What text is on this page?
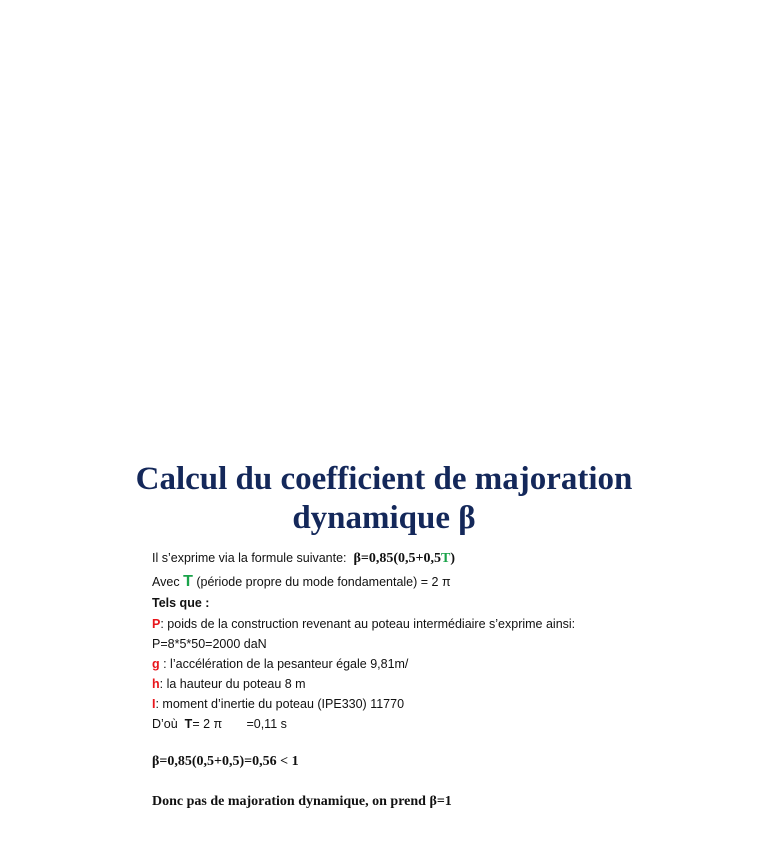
Calcul du coefficient de majoration
dynamique β
Il s’exprime via la formule suivante: β=0,85(0,5+0,5T)
Avec T (période propre du mode fondamentale) = 2 π
Tels que :
P: poids de la construction revenant au poteau intermédiaire s’exprime ainsi:
P=8*5*50=2000 daN
g : l’accélération de la pesanteur égale 9,81m/
h: la hauteur du poteau 8 m
I: moment d’inertie du poteau (IPE330) 11770
D’où T= 2 π       =0,11 s
β=0,85(0,5+0,5)=0,56 < 1
Donc pas de majoration dynamique, on prend β=1
